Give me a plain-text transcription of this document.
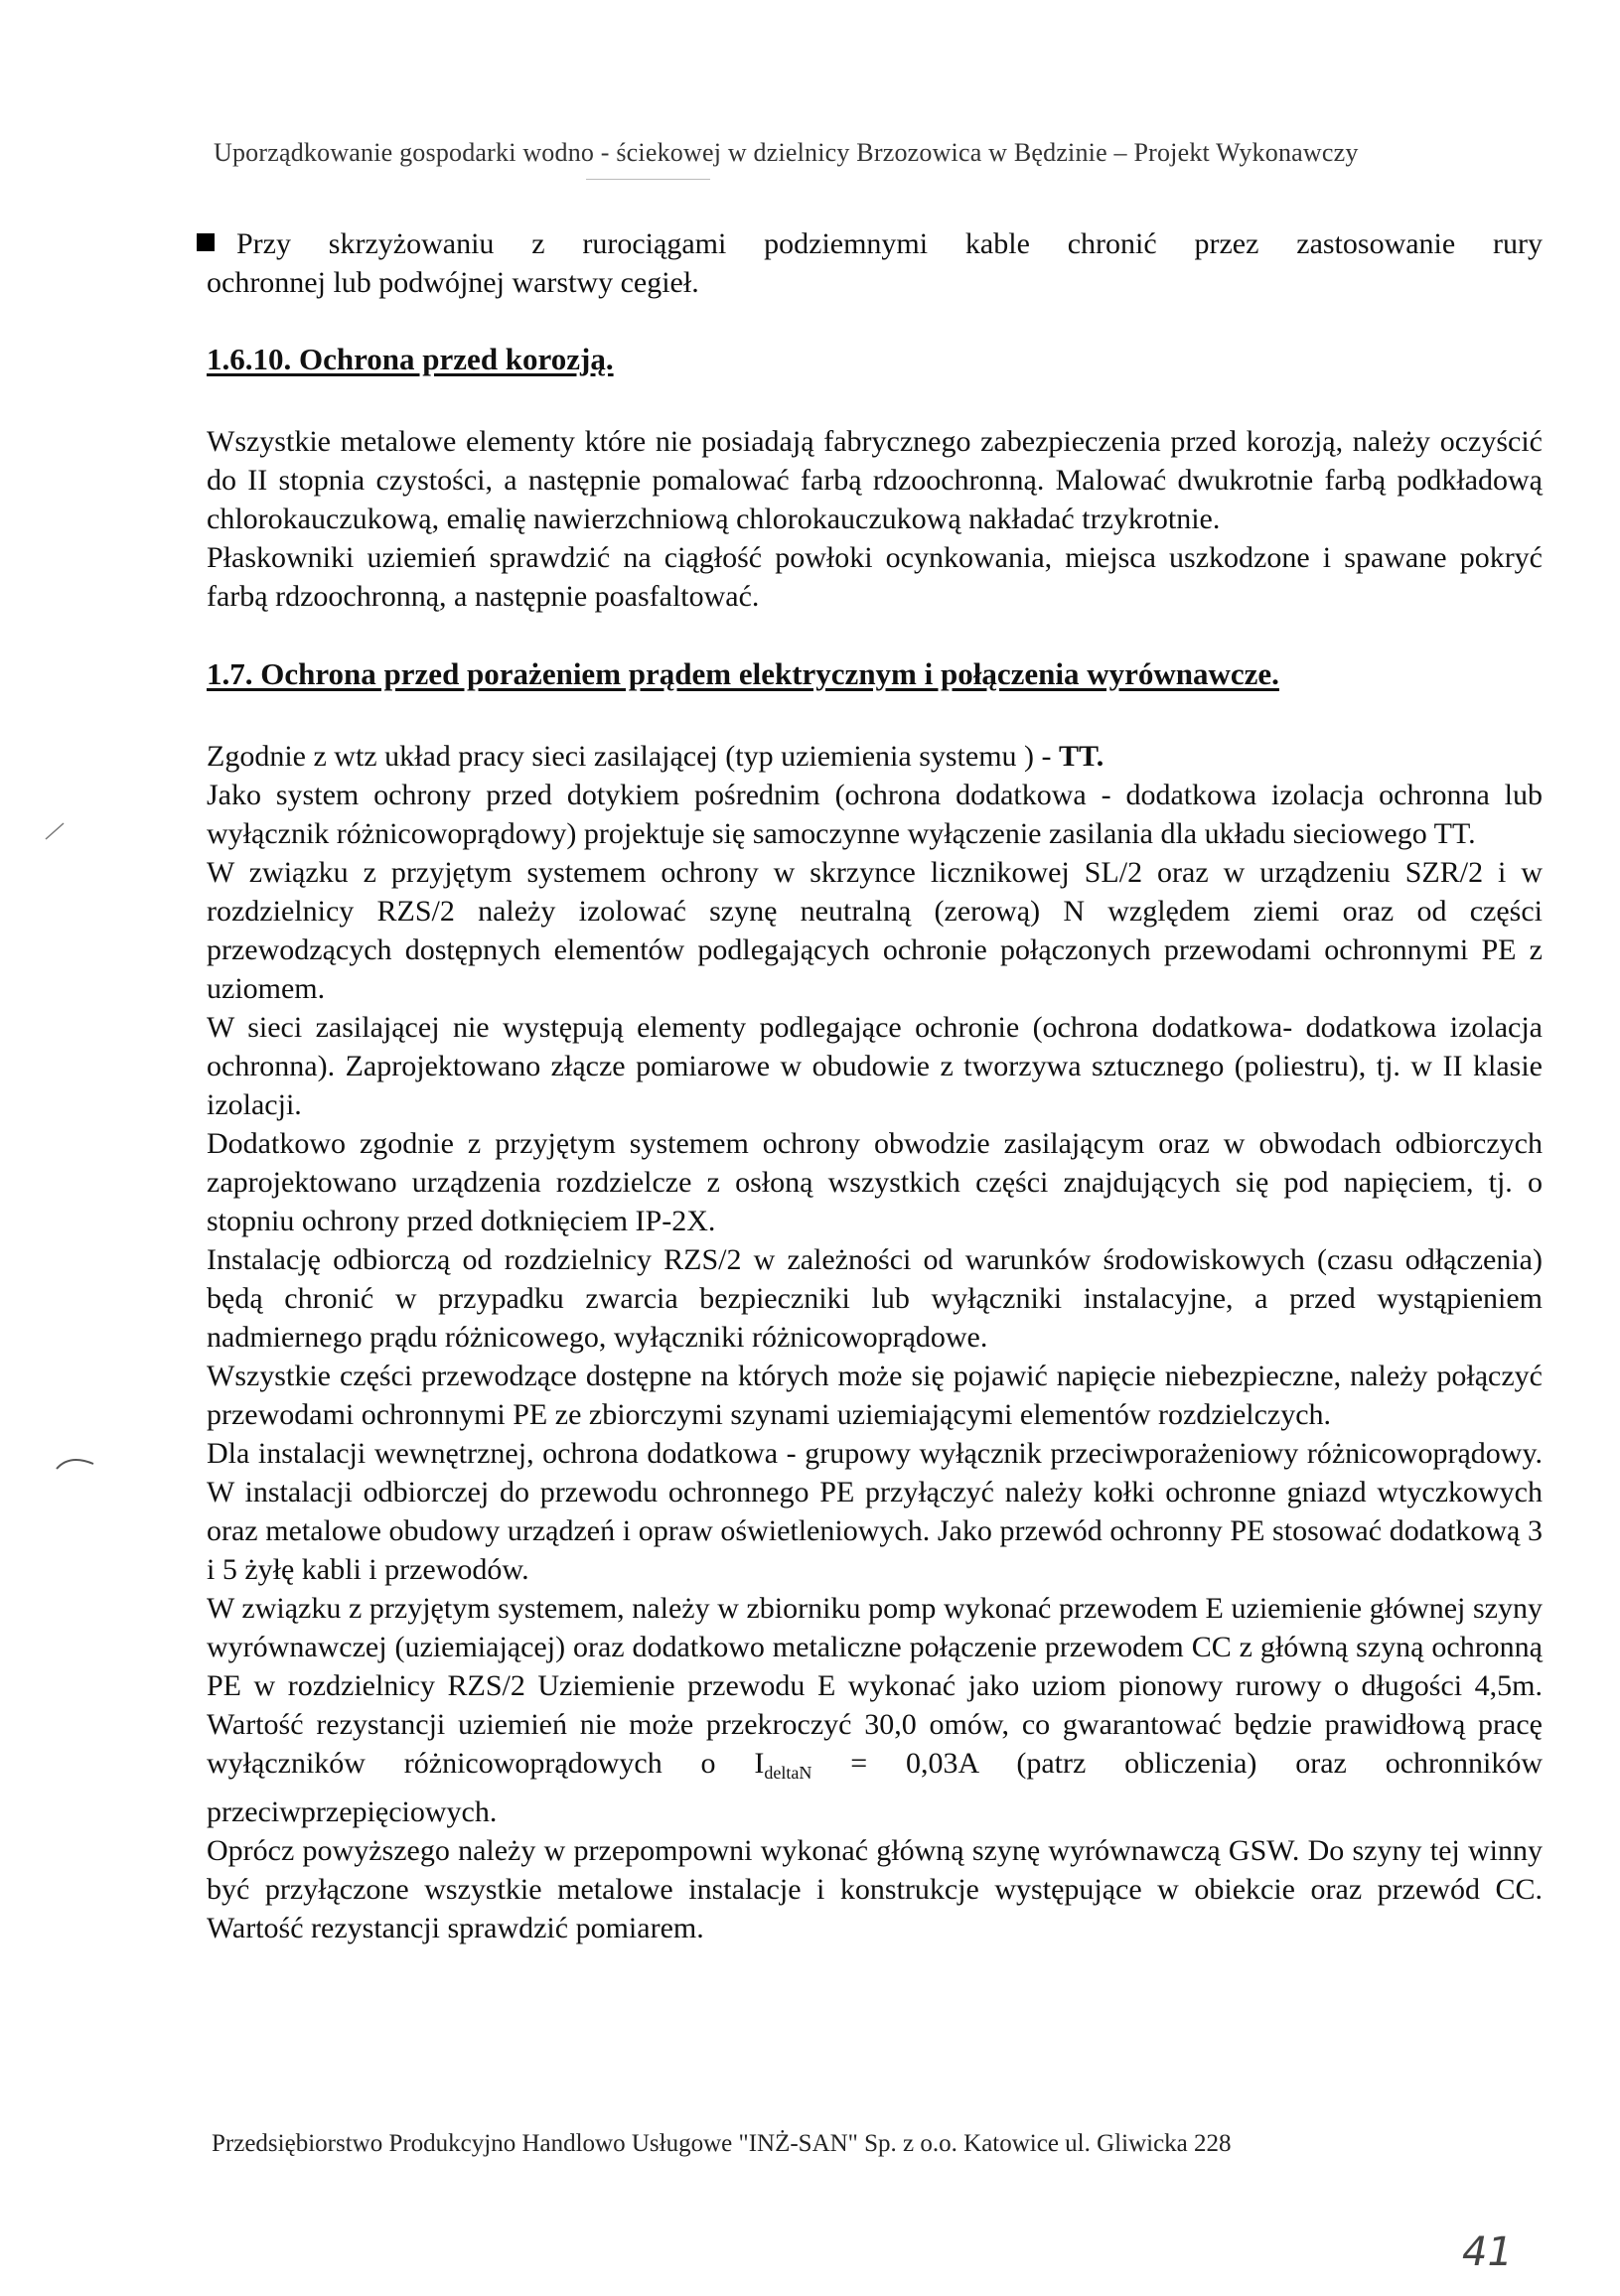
Uporządkowanie gospodarki wodno - ściekowej w dzielnicy Brzozowica w Będzinie – Projekt Wykonawczy

Przy skrzyżowaniu z rurociągami podziemnymi kable chronić przez zastosowanie rury

ochronnej lub podwójnej warstwy cegieł.

1.6.10. Ochrona przed korozją.

Wszystkie metalowe elementy które nie posiadają fabrycznego zabezpieczenia przed korozją, należy oczyścić do II stopnia czystości, a następnie pomalować farbą rdzoochronną. Malować dwukrotnie farbą podkładową chlorokauczukową, emalię nawierzchniową chlorokauczukową nakładać trzykrotnie.

Płaskowniki uziemień sprawdzić na ciągłość powłoki ocynkowania, miejsca uszkodzone i spawane pokryć farbą rdzoochronną, a następnie poasfaltować.

1.7. Ochrona przed porażeniem prądem elektrycznym i połączenia wyrównawcze.

Zgodnie z wtz układ pracy sieci zasilającej (typ uziemienia systemu ) - TT.

Jako system ochrony przed dotykiem pośrednim (ochrona dodatkowa - dodatkowa izolacja ochronna lub wyłącznik różnicowoprądowy) projektuje się samoczynne wyłączenie zasilania dla układu sieciowego TT.

W związku z przyjętym systemem ochrony w skrzynce licznikowej SL/2 oraz w urządzeniu SZR/2 i w rozdzielnicy RZS/2 należy izolować szynę neutralną (zerową) N względem ziemi oraz od części przewodzących dostępnych elementów podlegających ochronie połączonych przewodami ochronnymi PE z uziomem.

W sieci zasilającej nie występują elementy podlegające ochronie (ochrona dodatkowa- dodatkowa izolacja ochronna). Zaprojektowano złącze pomiarowe w obudowie z tworzywa sztucznego (poliestru), tj. w II klasie izolacji.

Dodatkowo zgodnie z przyjętym systemem ochrony obwodzie zasilającym oraz w obwodach odbiorczych zaprojektowano urządzenia rozdzielcze z osłoną wszystkich części znajdujących się pod napięciem, tj. o stopniu ochrony przed dotknięciem IP-2X.

Instalację odbiorczą od rozdzielnicy RZS/2 w zależności od warunków środowiskowych (czasu odłączenia) będą chronić w przypadku zwarcia bezpieczniki lub wyłączniki instalacyjne, a przed wystąpieniem nadmiernego prądu różnicowego, wyłączniki różnicowoprądowe.

Wszystkie części przewodzące dostępne na których może się pojawić napięcie niebezpieczne, należy połączyć przewodami ochronnymi PE ze zbiorczymi szynami uziemiającymi elementów rozdzielczych.

Dla instalacji wewnętrznej, ochrona dodatkowa - grupowy wyłącznik przeciwporażeniowy różnicowoprądowy. W instalacji odbiorczej do przewodu ochronnego PE przyłączyć należy kołki ochronne gniazd wtyczkowych oraz metalowe obudowy urządzeń i opraw oświetleniowych. Jako przewód ochronny PE stosować dodatkową 3 i 5 żyłę kabli i przewodów.

W związku z przyjętym systemem, należy w zbiorniku pomp wykonać przewodem E uziemienie głównej szyny wyrównawczej (uziemiającej) oraz dodatkowo metaliczne połączenie przewodem CC z główną szyną ochronną PE w rozdzielnicy RZS/2 Uziemienie przewodu E wykonać jako uziom pionowy rurowy o długości 4,5m. Wartość rezystancji uziemień nie może przekroczyć 30,0 omów, co gwarantować będzie prawidłową pracę wyłączników różnicowoprądowych o $I_{deltaN} = 0,03A$ (patrz obliczenia) oraz ochronników przeciwprzepięciowych.

Oprócz powyższego należy w przepompowni wykonać główną szynę wyrównawczą GSW. Do szyny tej winny być przyłączone wszystkie metalowe instalacje i konstrukcje występujące w obiekcie oraz przewód CC. Wartość rezystancji sprawdzić pomiarem.

Przedsiębiorstwo Produkcyjno Handlowo Usługowe "INŻ-SAN" Sp. z o.o. Katowice ul. Gliwicka 228
41
